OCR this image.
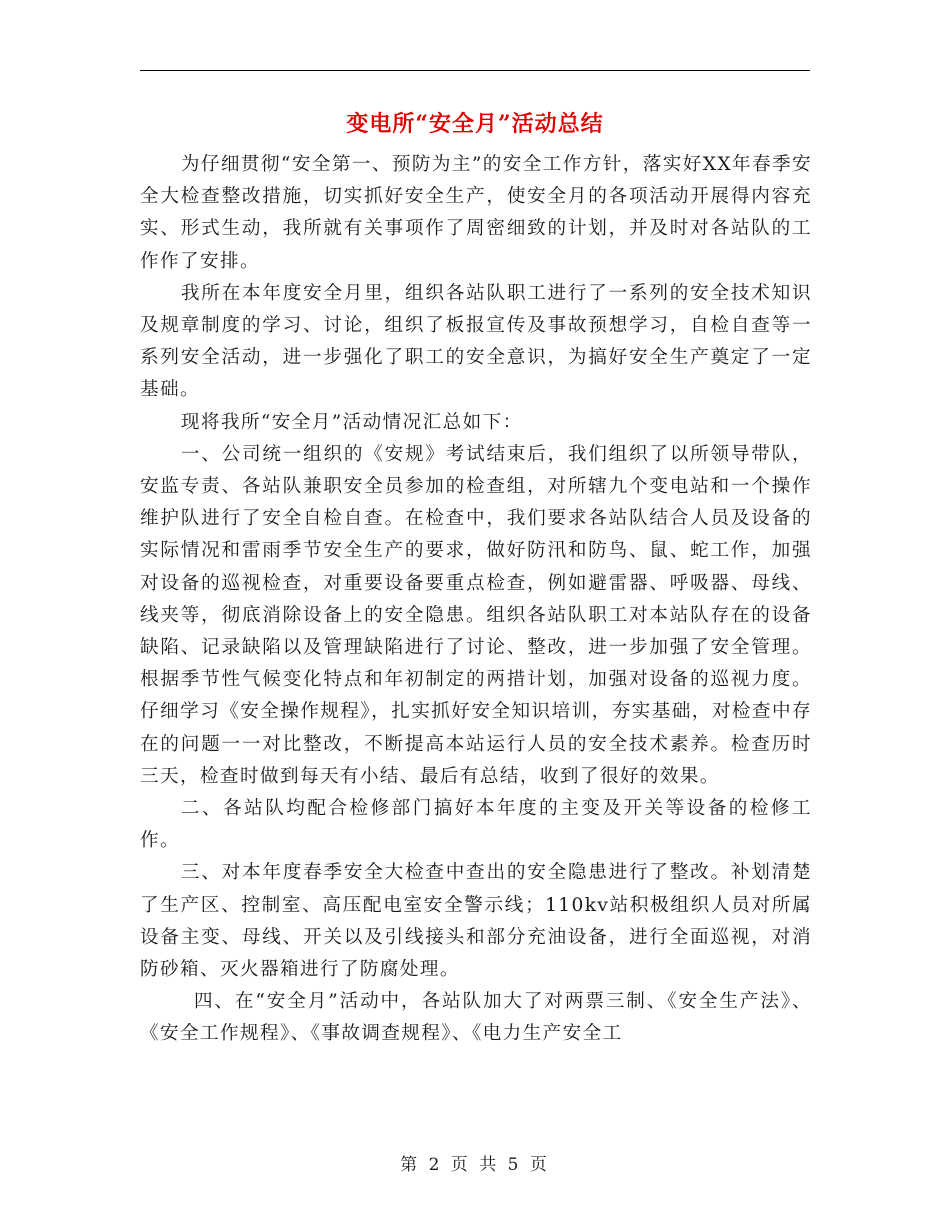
变电所“安全月”活动总结

为仔细贯彻“安全第一、预防为主”的安全工作方针，落实好XX年春季安全大检查整改措施，切实抓好安全生产，使安全月的各项活动开展得内容充实、形式生动，我所就有关事项作了周密细致的计划，并及时对各站队的工作作了安排。

我所在本年度安全月里，组织各站队职工进行了一系列的安全技术知识及规章制度的学习、讨论，组织了板报宣传及事故预想学习，自检自查等一系列安全活动，进一步强化了职工的安全意识，为搞好安全生产奠定了一定基础。

现将我所“安全月”活动情况汇总如下：

一、公司统一组织的《安规》考试结束后，我们组织了以所领导带队，安监专责、各站队兼职安全员参加的检查组，对所辖九个变电站和一个操作维护队进行了安全自检自查。在检查中，我们要求各站队结合人员及设备的实际情况和雷雨季节安全生产的要求，做好防汛和防鸟、鼠、蛇工作，加强对设备的巡视检查，对重要设备要重点检查，例如避雷器、呼吸器、母线、线夹等，彻底消除设备上的安全隐患。组织各站队职工对本站队存在的设备缺陷、记录缺陷以及管理缺陷进行了讨论、整改，进一步加强了安全管理。根据季节性气候变化特点和年初制定的两措计划，加强对设备的巡视力度。仔细学习《安全操作规程》，扎实抓好安全知识培训，夯实基础，对检查中存在的问题一一对比整改，不断提高本站运行人员的安全技术素养。检查历时三天，检查时做到每天有小结、最后有总结，收到了很好的效果。

二、各站队均配合检修部门搞好本年度的主变及开关等设备的检修工作。

三、对本年度春季安全大检查中查出的安全隐患进行了整改。补划清楚了生产区、控制室、高压配电室安全警示线；110kv站积极组织人员对所属设备主变、母线、开关以及引线接头和部分充油设备，进行全面巡视，对消防砂箱、灭火器箱进行了防腐处理。

四、在“安全月”活动中，各站队加大了对两票三制、《安全生产法》、《安全工作规程》、《事故调查规程》、《电力生产安全工

第 2 页 共 5 页
